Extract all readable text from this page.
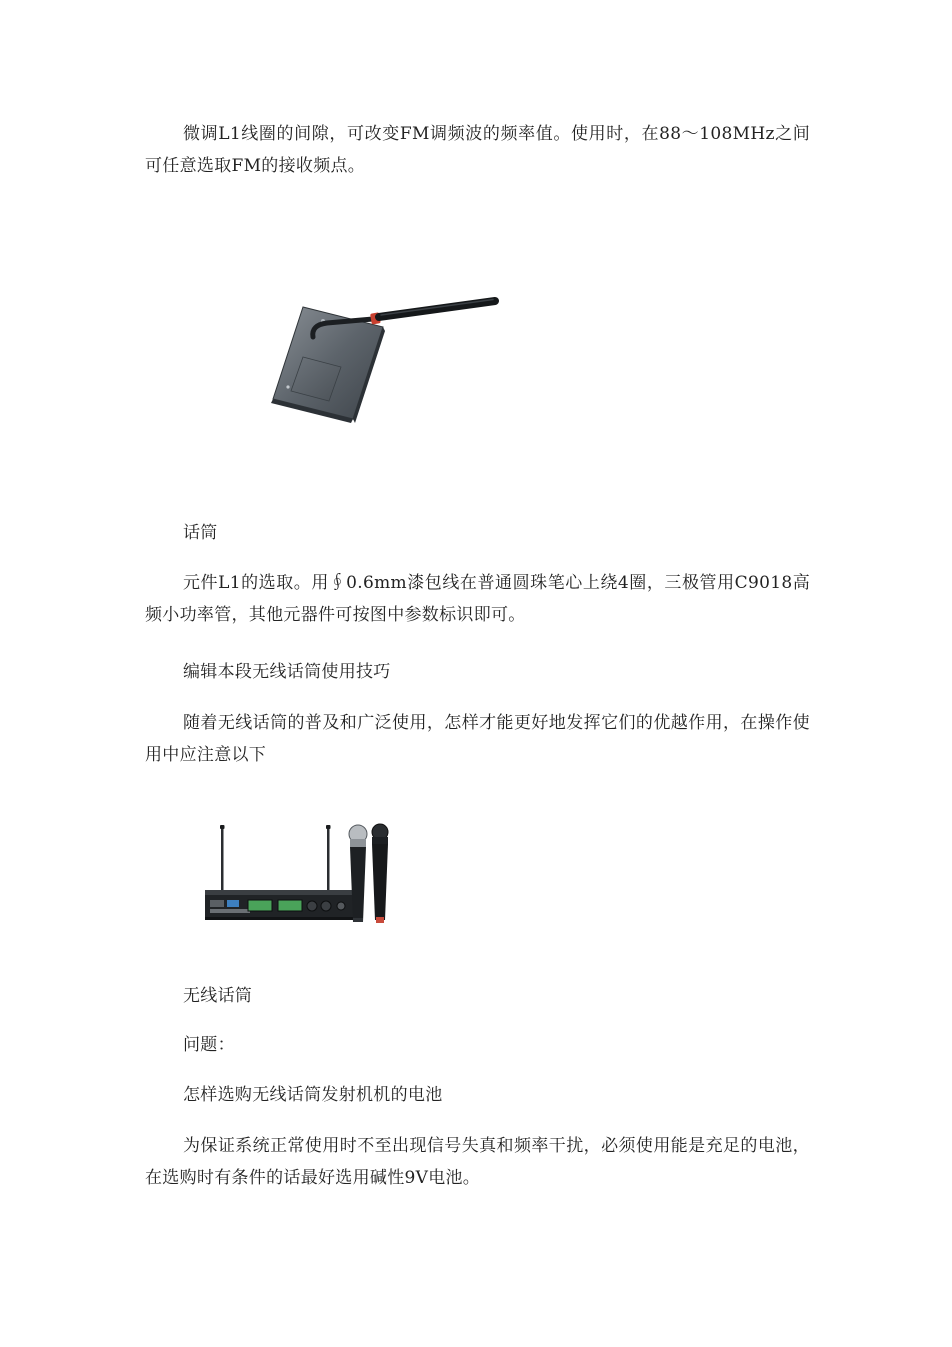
微调L1线圈的间隙，可改变FM调频波的频率值。使用时，在88～108MHz之间可任意选取FM的接收频点。

话筒

元件L1的选取。用∮0.6mm漆包线在普通圆珠笔心上绕4圈，三极管用C9018高频小功率管，其他元器件可按图中参数标识即可。

编辑本段无线话筒使用技巧

随着无线话筒的普及和广泛使用，怎样才能更好地发挥它们的优越作用，在操作使用中应注意以下

无线话筒

问题：

怎样选购无线话筒发射机机的电池

为保证系统正常使用时不至出现信号失真和频率干扰，必须使用能是充足的电池，在选购时有条件的话最好选用碱性9V电池。
